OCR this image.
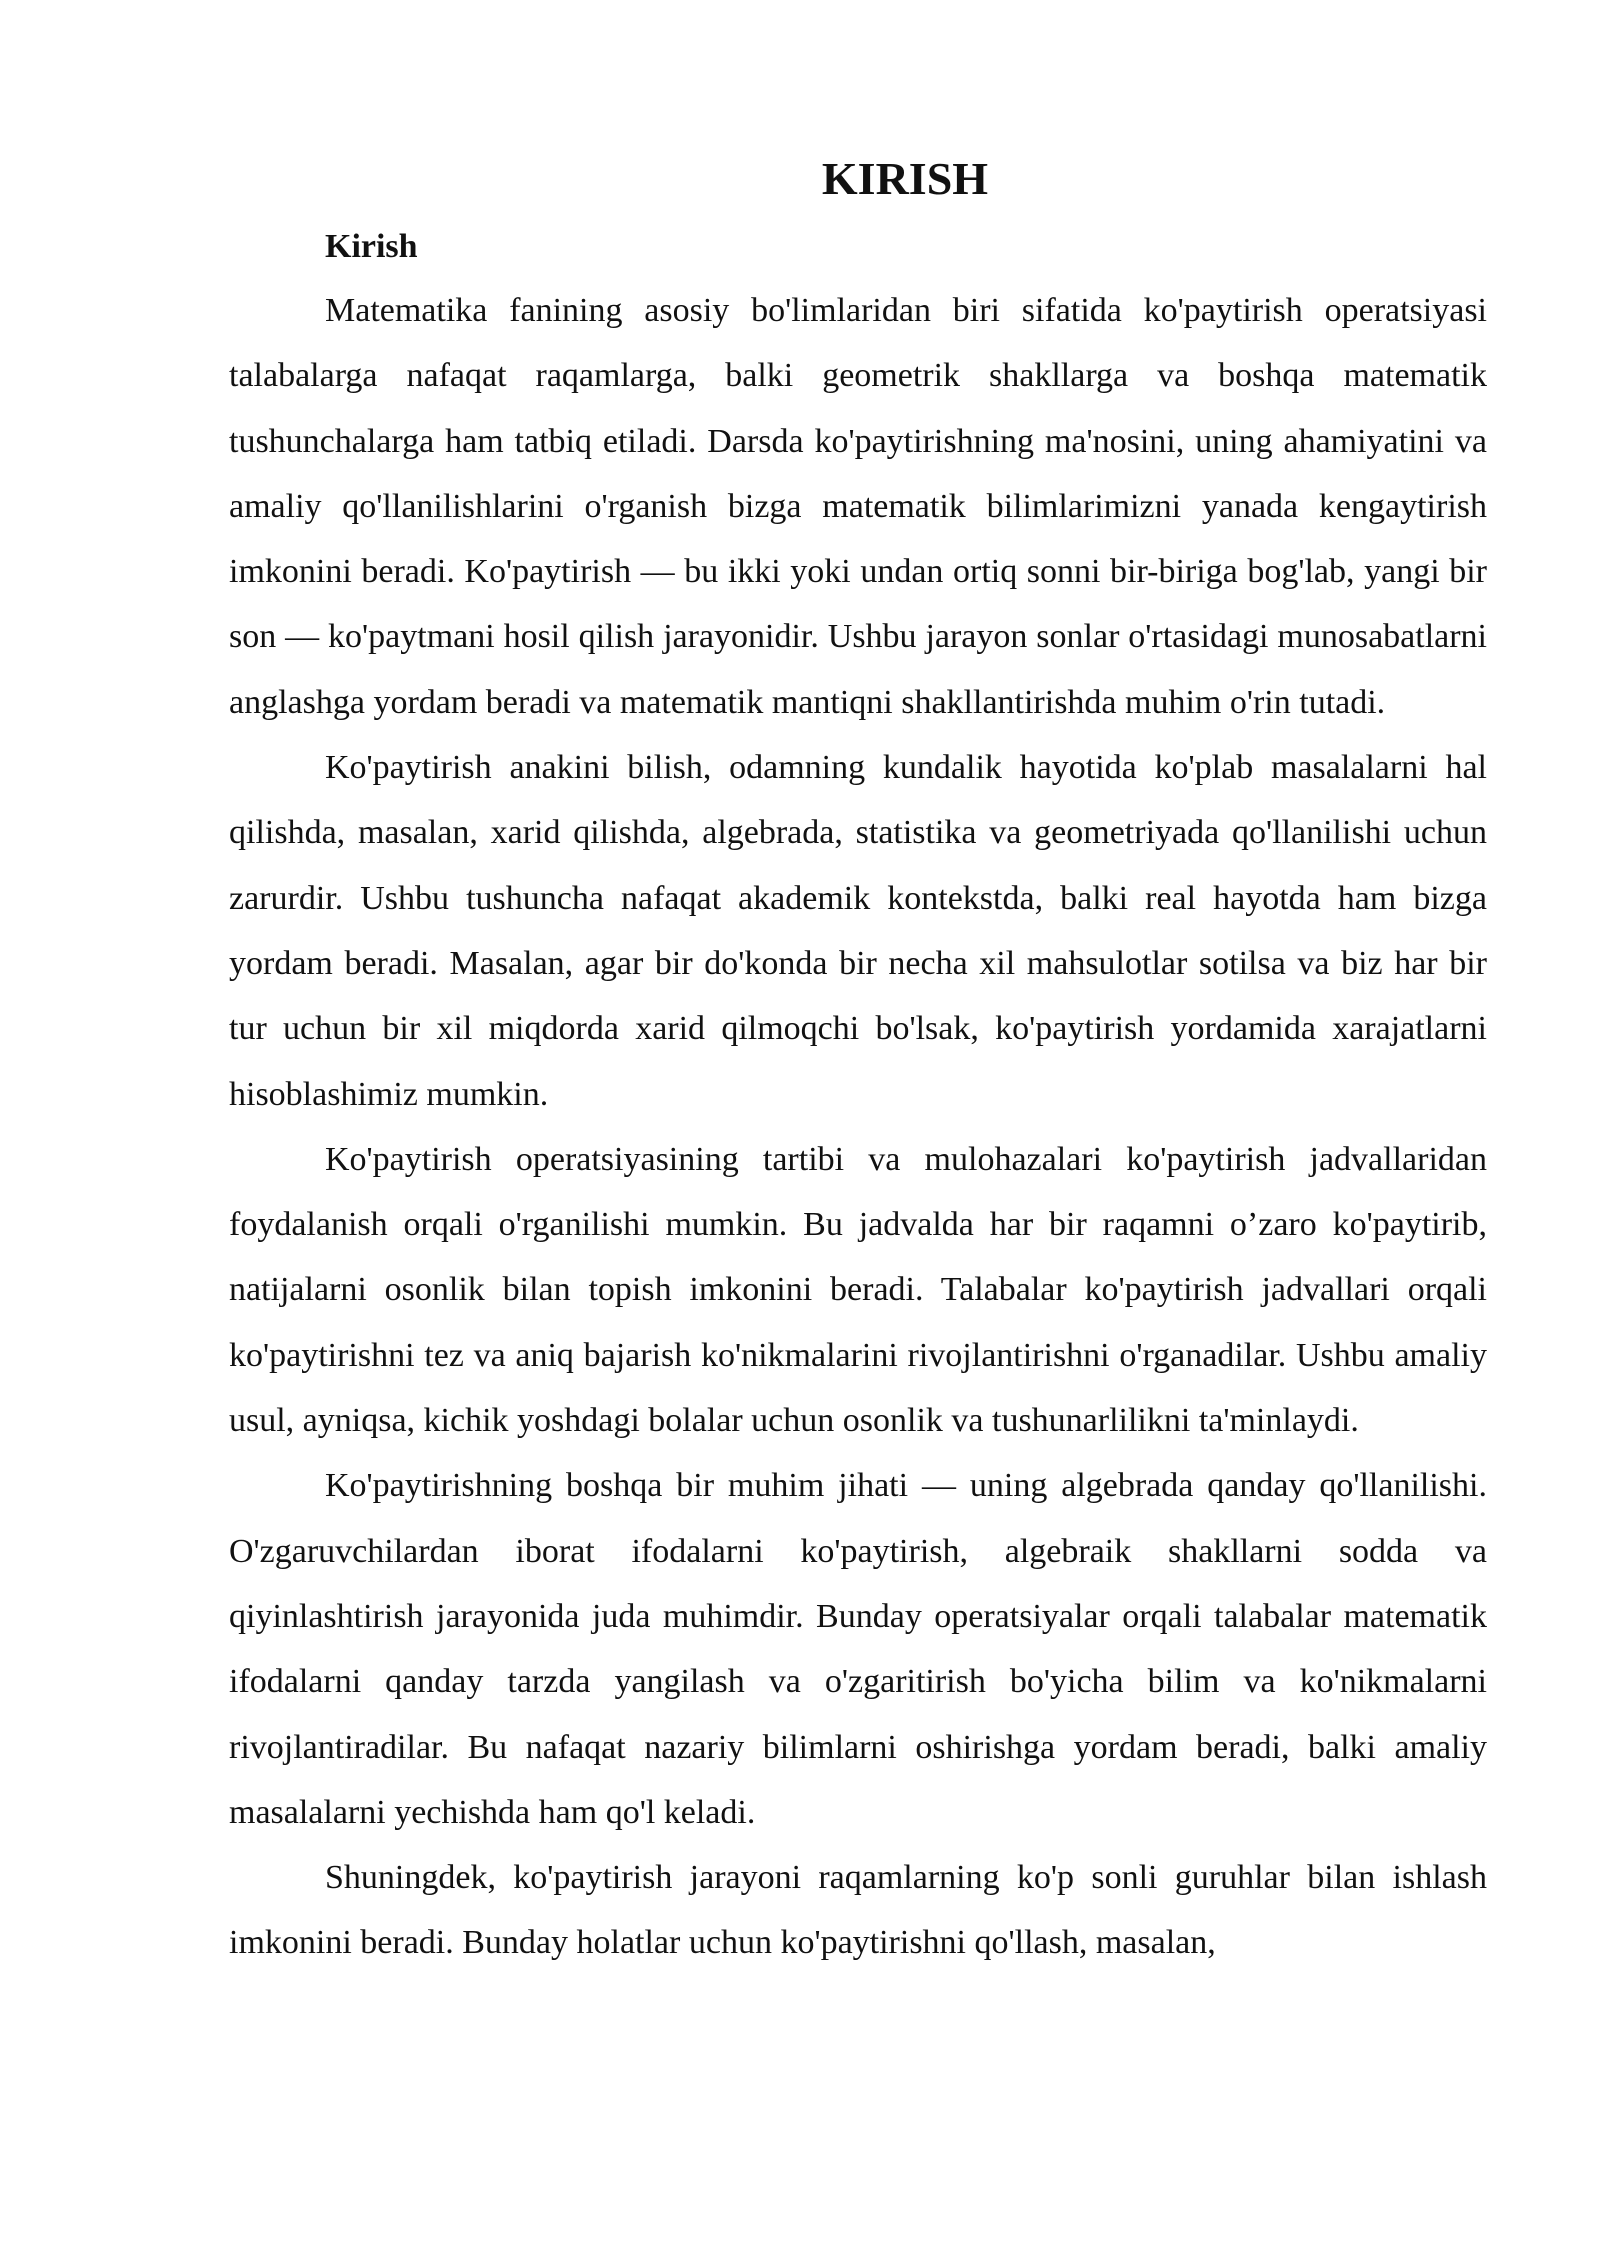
KIRISH
Kirish

Matematika fanining asosiy bo'limlaridan biri sifatida ko'paytirish operatsiyasi talabalarga nafaqat raqamlarga, balki geometrik shakllarga va boshqa matematik tushunchalarga ham tatbiq etiladi. Darsda ko'paytirishning ma'nosini, uning ahamiyatini va amaliy qo'llanilishlarini o'rganish bizga matematik bilimlarimizni yanada kengaytirish imkonini beradi. Ko'paytirish — bu ikki yoki undan ortiq sonni bir-biriga bog'lab, yangi bir son — ko'paytmani hosil qilish jarayonidir. Ushbu jarayon sonlar o'rtasidagi munosabatlarni anglashga yordam beradi va matematik mantiqni shakllantirishda muhim o'rin tutadi.

Ko'paytirish anakini bilish, odamning kundalik hayotida ko'plab masalalarni hal qilishda, masalan, xarid qilishda, algebrada, statistika va geometriyada qo'llanilishi uchun zarurdir. Ushbu tushuncha nafaqat akademik kontekstda, balki real hayotda ham bizga yordam beradi. Masalan, agar bir do'konda bir necha xil mahsulotlar sotilsa va biz har bir tur uchun bir xil miqdorda xarid qilmoqchi bo'lsak, ko'paytirish yordamida xarajatlarni hisoblashimiz mumkin.

Ko'paytirish operatsiyasining tartibi va mulohazalari ko'paytirish jadvallaridan foydalanish orqali o'rganilishi mumkin. Bu jadvalda har bir raqamni o’zaro ko'paytirib, natijalarni osonlik bilan topish imkonini beradi. Talabalar ko'paytirish jadvallari orqali ko'paytirishni tez va aniq bajarish ko'nikmalarini rivojlantirishni o'rganadilar. Ushbu amaliy usul, ayniqsa, kichik yoshdagi bolalar uchun osonlik va tushunarlilikni ta'minlaydi.

Ko'paytirishning boshqa bir muhim jihati — uning algebrada qanday qo'llanilishi. O'zgaruvchilardan iborat ifodalarni ko'paytirish, algebraik shakllarni sodda va qiyinlashtirish jarayonida juda muhimdir. Bunday operatsiyalar orqali talabalar matematik ifodalarni qanday tarzda yangilash va o'zgaritirish bo'yicha bilim va ko'nikmalarni rivojlantiradilar. Bu nafaqat nazariy bilimlarni oshirishga yordam beradi, balki amaliy masalalarni yechishda ham qo'l keladi.

Shuningdek, ko'paytirish jarayoni raqamlarning ko'p sonli guruhlar bilan ishlash imkonini beradi. Bunday holatlar uchun ko'paytirishni qo'llash, masalan,
